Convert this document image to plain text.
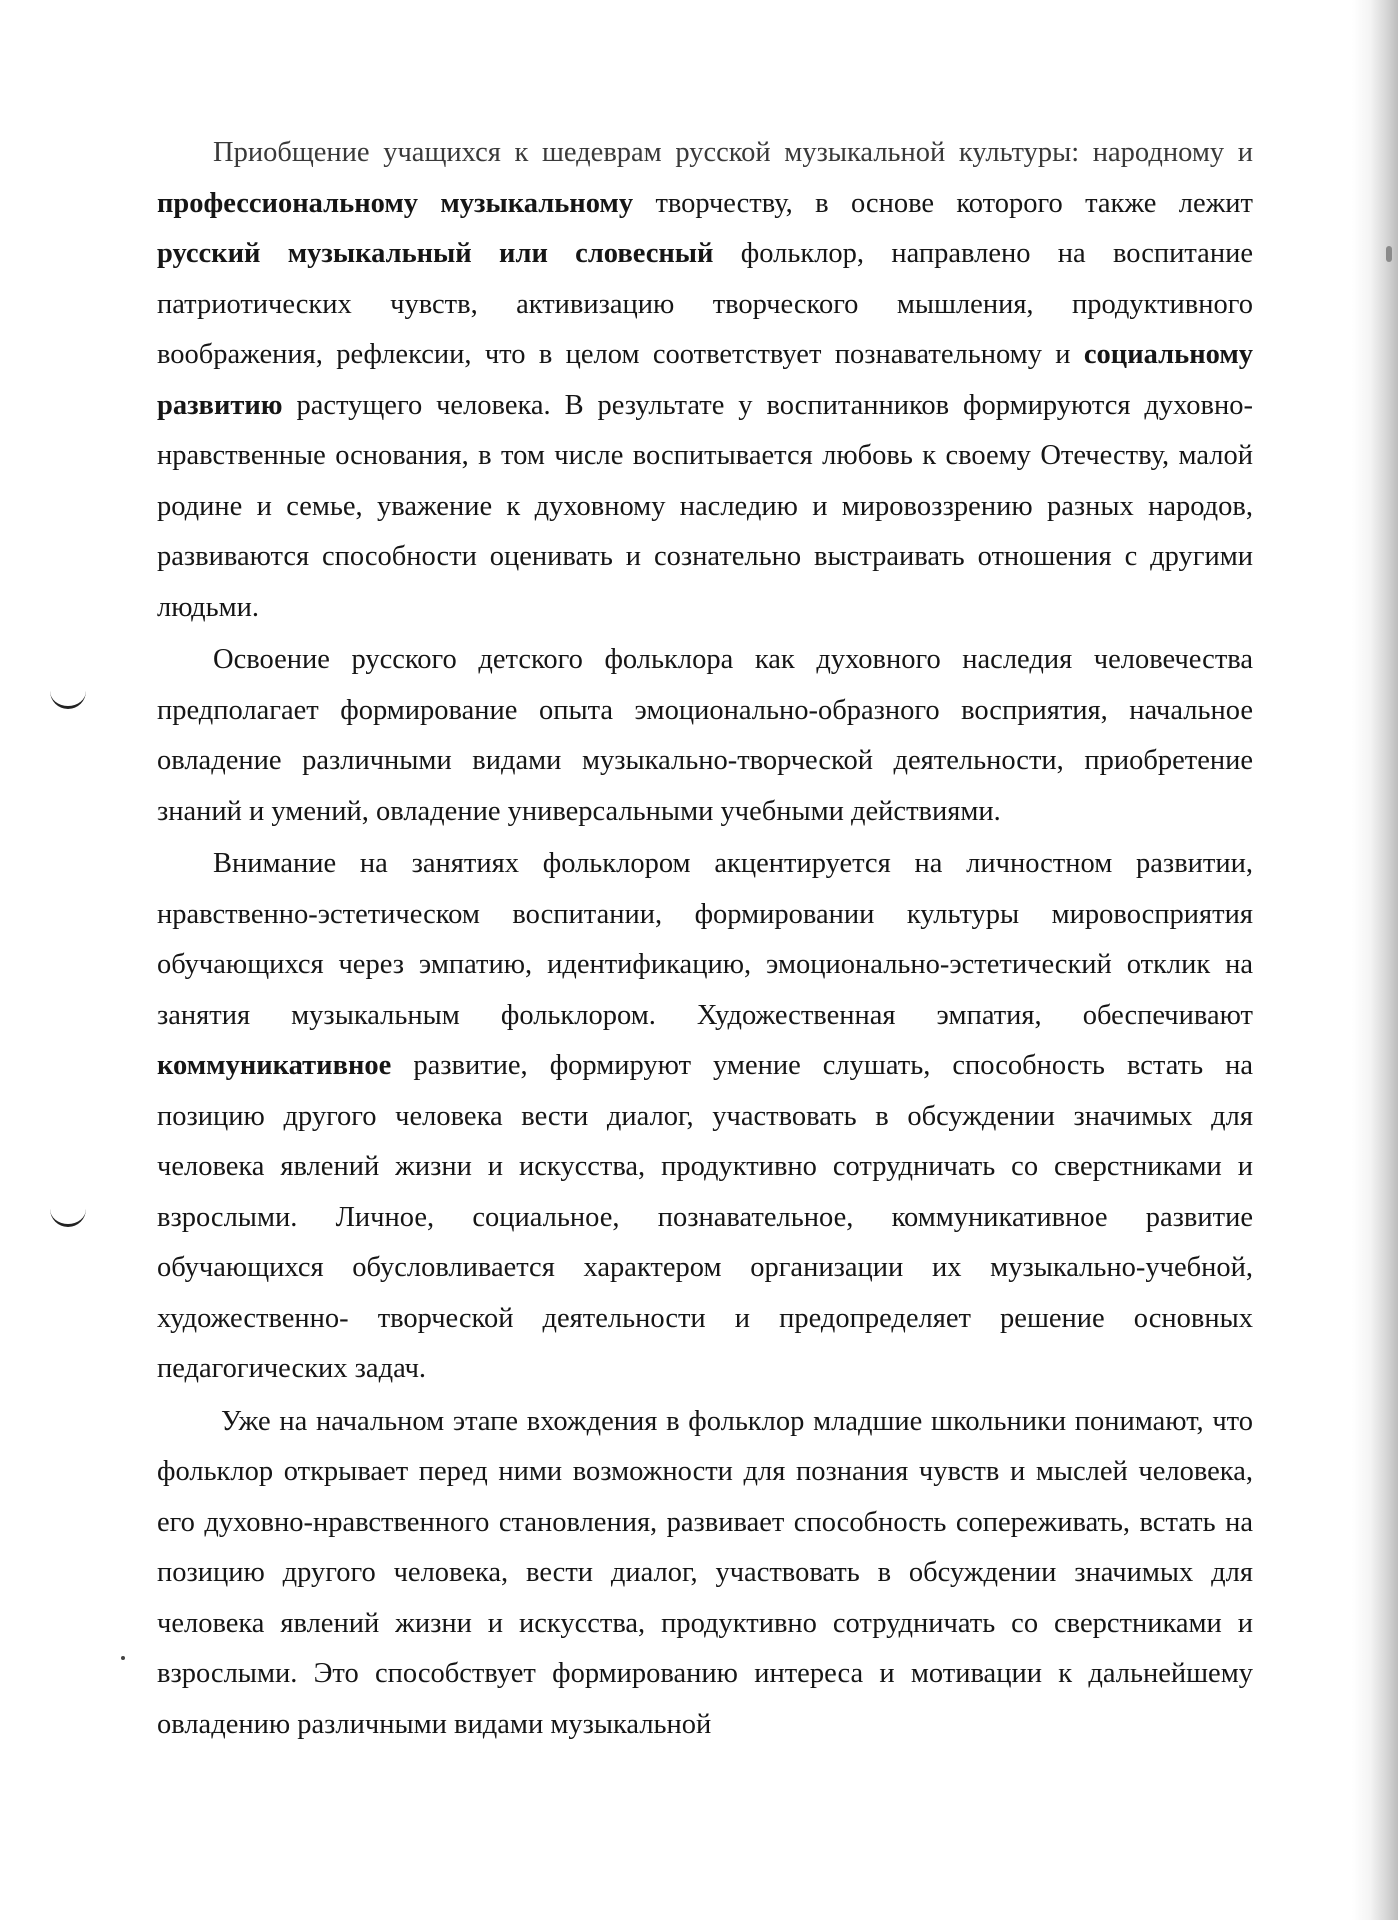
Приобщение учащихся к шедеврам русской музыкальной культуры: народному и профессиональному музыкальному творчеству, в основе которого также лежит русский музыкальный или словесный фольклор, направлено на воспитание патриотических чувств, активизацию творческого мышления, продуктивного воображения, рефлексии, что в целом соответствует познавательному и социальному развитию растущего человека. В результате у воспитанников формируются духовно- нравственные основания, в том числе воспитывается любовь к своему Отечеству, малой родине и семье, уважение к духовному наследию и мировоззрению разных народов, развиваются способности оценивать и сознательно выстраивать отношения с другими людьми.

Освоение русского детского фольклора как духовного наследия человечества предполагает формирование опыта эмоционально-образного восприятия, начальное овладение различными видами музыкально-творческой деятельности, приобретение знаний и умений, овладение универсальными учебными действиями.

Внимание на занятиях фольклором акцентируется на личностном развитии, нравственно-эстетическом воспитании, формировании культуры мировосприятия обучающихся через эмпатию, идентификацию, эмоционально-эстетический отклик на занятия музыкальным фольклором. Художественная эмпатия, обеспечивают коммуникативное развитие, формируют умение слушать, способность встать на позицию другого человека вести диалог, участвовать в обсуждении значимых для человека явлений жизни и искусства, продуктивно сотрудничать со сверстниками и взрослыми. Личное, социальное, познавательное, коммуникативное развитие обучающихся обусловливается характером организации их музыкально-учебной, художественно- творческой деятельности и предопределяет решение основных педагогических задач.

Уже на начальном этапе вхождения в фольклор младшие школьники понимают, что фольклор открывает перед ними возможности для познания чувств и мыслей человека, его духовно-нравственного становления, развивает способность сопереживать, встать на позицию другого человека, вести диалог, участвовать в обсуждении значимых для человека явлений жизни и искусства, продуктивно сотрудничать со сверстниками и взрослыми. Это способствует формированию интереса и мотивации к дальнейшему овладению различными видами музыкальной
